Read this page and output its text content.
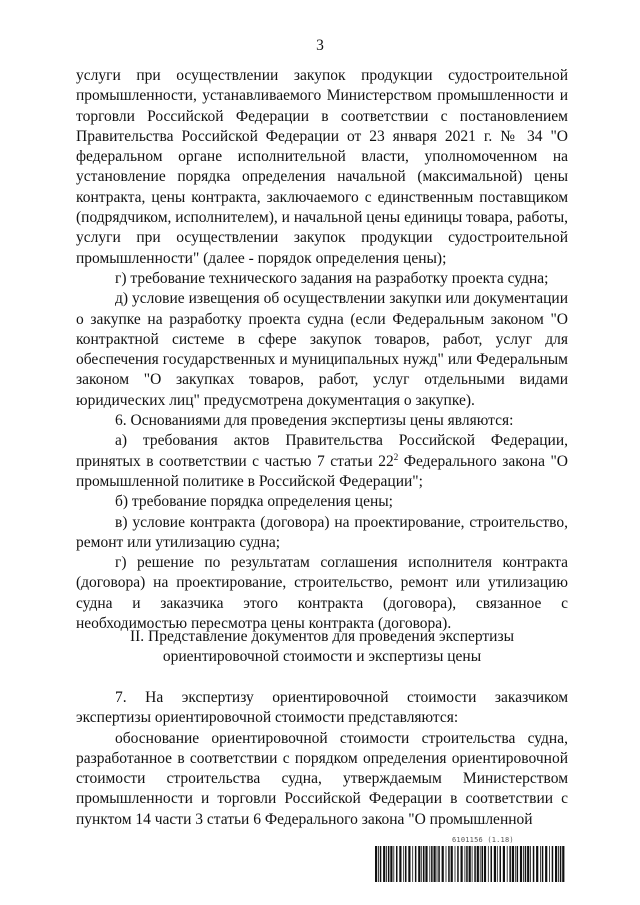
3

услуги при осуществлении закупок продукции судостроительной промышленности, устанавливаемого Министерством промышленности и торговли Российской Федерации в соответствии с постановлением Правительства Российской Федерации от 23 января 2021 г. № 34 "О федеральном органе исполнительной власти, уполномоченном на установление порядка определения начальной (максимальной) цены контракта, цены контракта, заключаемого с единственным поставщиком (подрядчиком, исполнителем), и начальной цены единицы товара, работы, услуги при осуществлении закупок продукции судостроительной промышленности" (далее - порядок определения цены);

г) требование технического задания на разработку проекта судна;

д) условие извещения об осуществлении закупки или документации о закупке на разработку проекта судна (если Федеральным законом "О контрактной системе в сфере закупок товаров, работ, услуг для обеспечения государственных и муниципальных нужд" или Федеральным законом "О закупках товаров, работ, услуг отдельными видами юридических лиц" предусмотрена документация о закупке).

6. Основаниями для проведения экспертизы цены являются:

а) требования актов Правительства Российской Федерации, принятых в соответствии с частью 7 статьи $22^2$ Федерального закона "О промышленной политике в Российской Федерации";

б) требование порядка определения цены;

в) условие контракта (договора) на проектирование, строительство, ремонт или утилизацию судна;

г) решение по результатам соглашения исполнителя контракта (договора) на проектирование, строительство, ремонт или утилизацию судна и заказчика этого контракта (договора), связанное с необходимостью пересмотра цены контракта (договора).

II. Представление документов для проведения экспертизы
ориентировочной стоимости и экспертизы цены

7. На экспертизу ориентировочной стоимости заказчиком экспертизы ориентировочной стоимости представляются:

обоснование ориентировочной стоимости строительства судна, разработанное в соответствии с порядком определения ориентировочной стоимости строительства судна, утверждаемым Министерством промышленности и торговли Российской Федерации в соответствии с пунктом 14 части 3 статьи 6 Федерального закона "О промышленной

6101156 (1.18)
